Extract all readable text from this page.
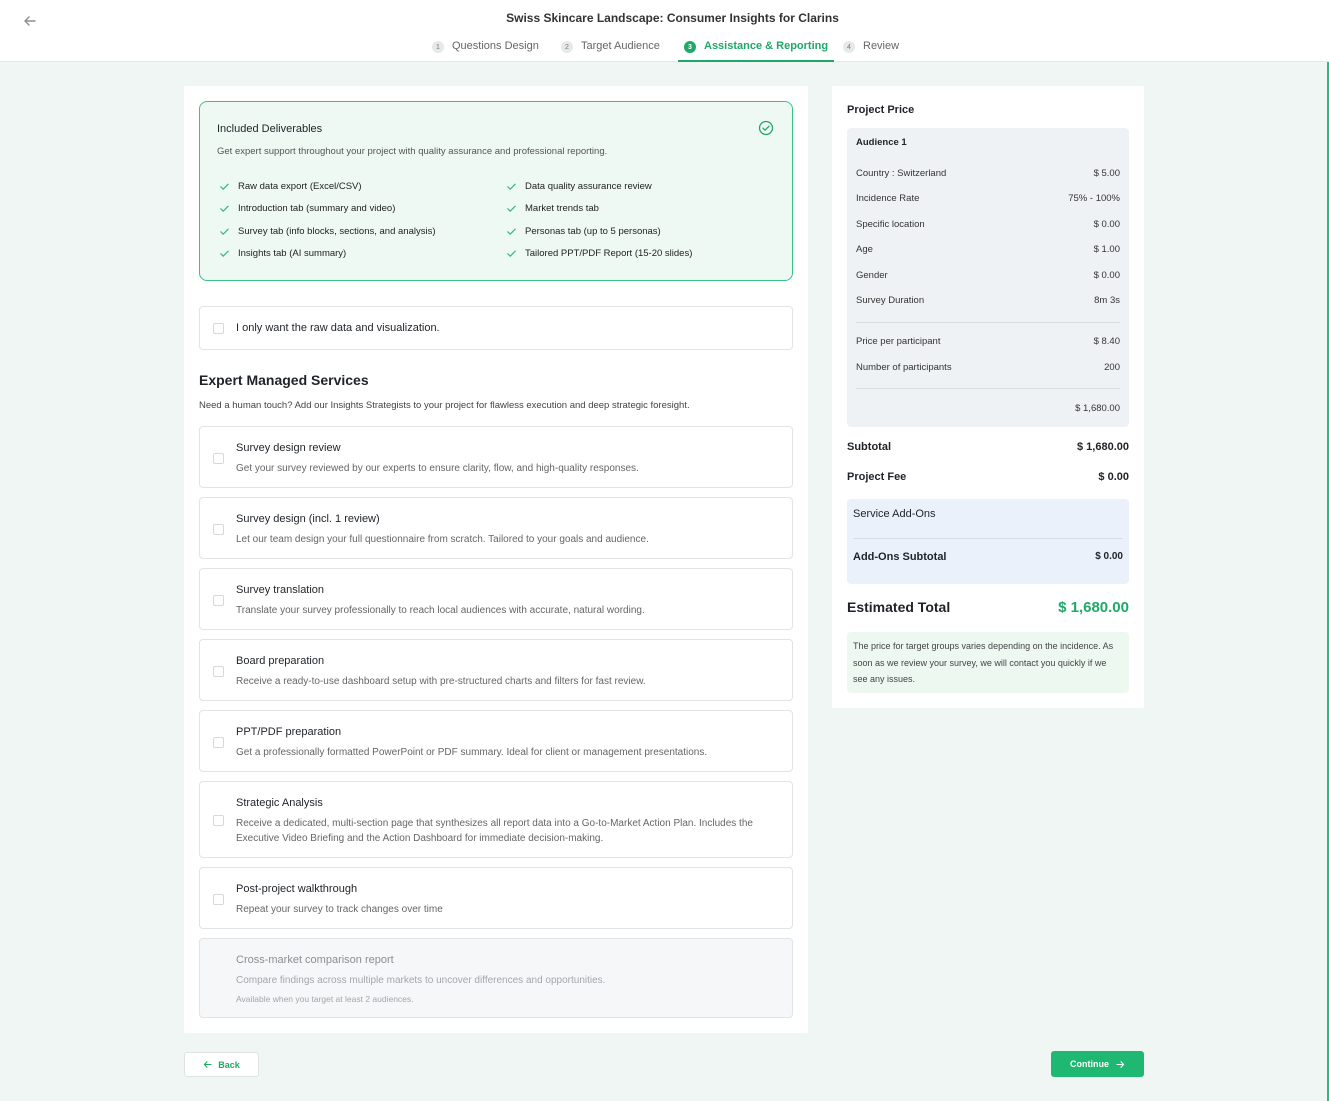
Swiss Skincare Landscape: Consumer Insights for Clarins
1	Questions Design	2	Target Audience	3	Assistance & Reporting	4	Review
Included Deliverables
Get expert support throughout your project with quality assurance and professional reporting.
Raw data export (Excel/CSV)
Introduction tab (summary and video)
Survey tab (info blocks, sections, and analysis)
Insights tab (AI summary)
Data quality assurance review
Market trends tab
Personas tab (up to 5 personas)
Tailored PPT/PDF Report (15-20 slides)
I only want the raw data and visualization.
Expert Managed Services
Need a human touch? Add our Insights Strategists to your project for flawless execution and deep strategic foresight.
Survey design review
Get your survey reviewed by our experts to ensure clarity, flow, and high-quality responses.
Survey design (incl. 1 review)
Let our team design your full questionnaire from scratch. Tailored to your goals and audience.
Survey translation
Translate your survey professionally to reach local audiences with accurate, natural wording.
Board preparation
Receive a ready-to-use dashboard setup with pre-structured charts and filters for fast review.
PPT/PDF preparation
Get a professionally formatted PowerPoint or PDF summary. Ideal for client or management presentations.
Strategic Analysis
Receive a dedicated, multi-section page that synthesizes all report data into a Go-to-Market Action Plan. Includes the Executive Video Briefing and the Action Dashboard for immediate decision-making.
Post-project walkthrough
Repeat your survey to track changes over time
Cross-market comparison report
Compare findings across multiple markets to uncover differences and opportunities.
Available when you target at least 2 audiences.
Project Price
Audience 1
Country : Switzerland	$ 5.00
Incidence Rate	75% - 100%
Specific location	$ 0.00
Age	$ 1.00
Gender	$ 0.00
Survey Duration	8m 3s
Price per participant	$ 8.40
Number of participants	200
$ 1,680.00
Subtotal	$ 1,680.00
Project Fee	$ 0.00
Service Add-Ons
Add-Ons Subtotal	$ 0.00
Estimated Total	$ 1,680.00
The price for target groups varies depending on the incidence. As soon as we review your survey, we will contact you quickly if we see any issues.
Back	Continue
